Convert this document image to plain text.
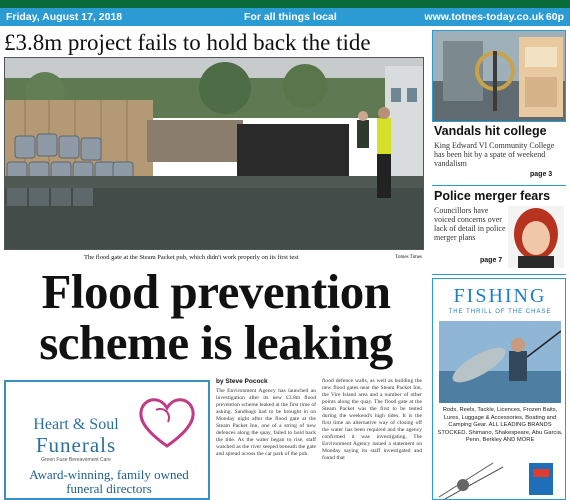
Friday, August 17, 2018	For all things local	www.totnes-today.co.uk 60p
£3.8m project fails to hold back the tide
The flood gate at the Steam Packet pub, which didn't work properly on its first test	Totnes Times
Flood prevention
scheme is leaking
Heart & Soul
Funerals
Green Fuse Bereavement Care
Award-winning, family owned
funeral directors
by Steve Pocock
The Environment Agency has launched an investigation after its new £3.8m flood prevention scheme leaked at the first time of asking. Sandbags had to be brought in on Monday night after the flood gate at the Steam Packet Inn, one of a string of new defences along the quay, failed to hold back the tide. As the water began to rise, staff watched as the river seeped beneath the gate and spread across the car park of the pub.
flood defence walls, as well as building the new flood gates near the Steam Packet Inn, the Vire Island area and a number of other points along the quay. The flood gate at the Steam Packet was the first to be tested during the weekend's high tides. It is the first time an alternative way of closing off the water has been required and the agency confirmed it was investigating. The Environment Agency issued a statement on Monday saying its staff investigated and found that
Vandals hit college
King Edward VI Community College has been hit by a spate of weekend vandalism
page 3
Police merger fears
Councillors have voiced concerns over lack of detail in police merger plans
page 7
FISHING
THE THRILL OF THE CHASE
Rods, Reels, Tackle, Licences, Frozen Baits, Lures, Luggage & Accessories, Boating and Camping Gear. ALL LEADING BRANDS STOCKED. Shimano, Shakespeare, Abu Garcia, Penn, Berkley AND MORE
